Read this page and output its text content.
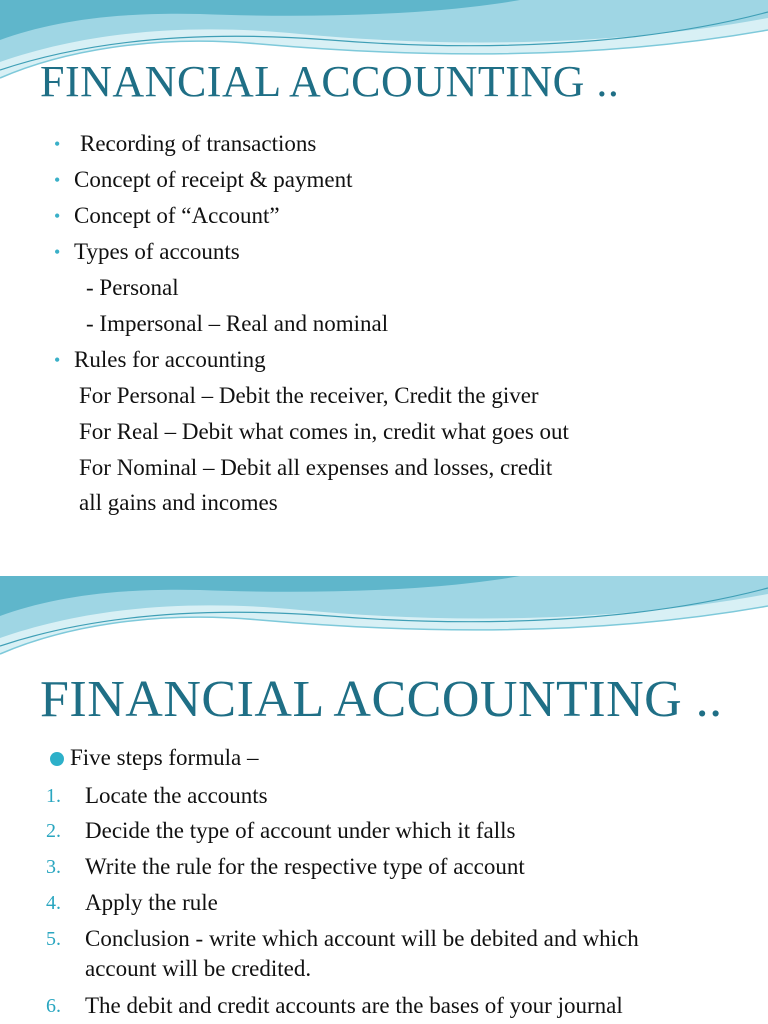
FINANCIAL ACCOUNTING ..
• Recording of transactions
• Concept of receipt & payment
• Concept of “Account”
• Types of accounts
- Personal
- Impersonal – Real and nominal
• Rules for accounting
For Personal – Debit the receiver, Credit the giver
For Real – Debit what comes in, credit what goes out
For Nominal – Debit all expenses and losses, credit
all gains and incomes
FINANCIAL ACCOUNTING ..
Five steps formula –
1. Locate the accounts
2. Decide the type of account under which it falls
3. Write the rule for the respective type of account
4. Apply the rule
5. Conclusion - write which account will be debited and which
account will be credited.
6. The debit and credit accounts are the bases of your journal
